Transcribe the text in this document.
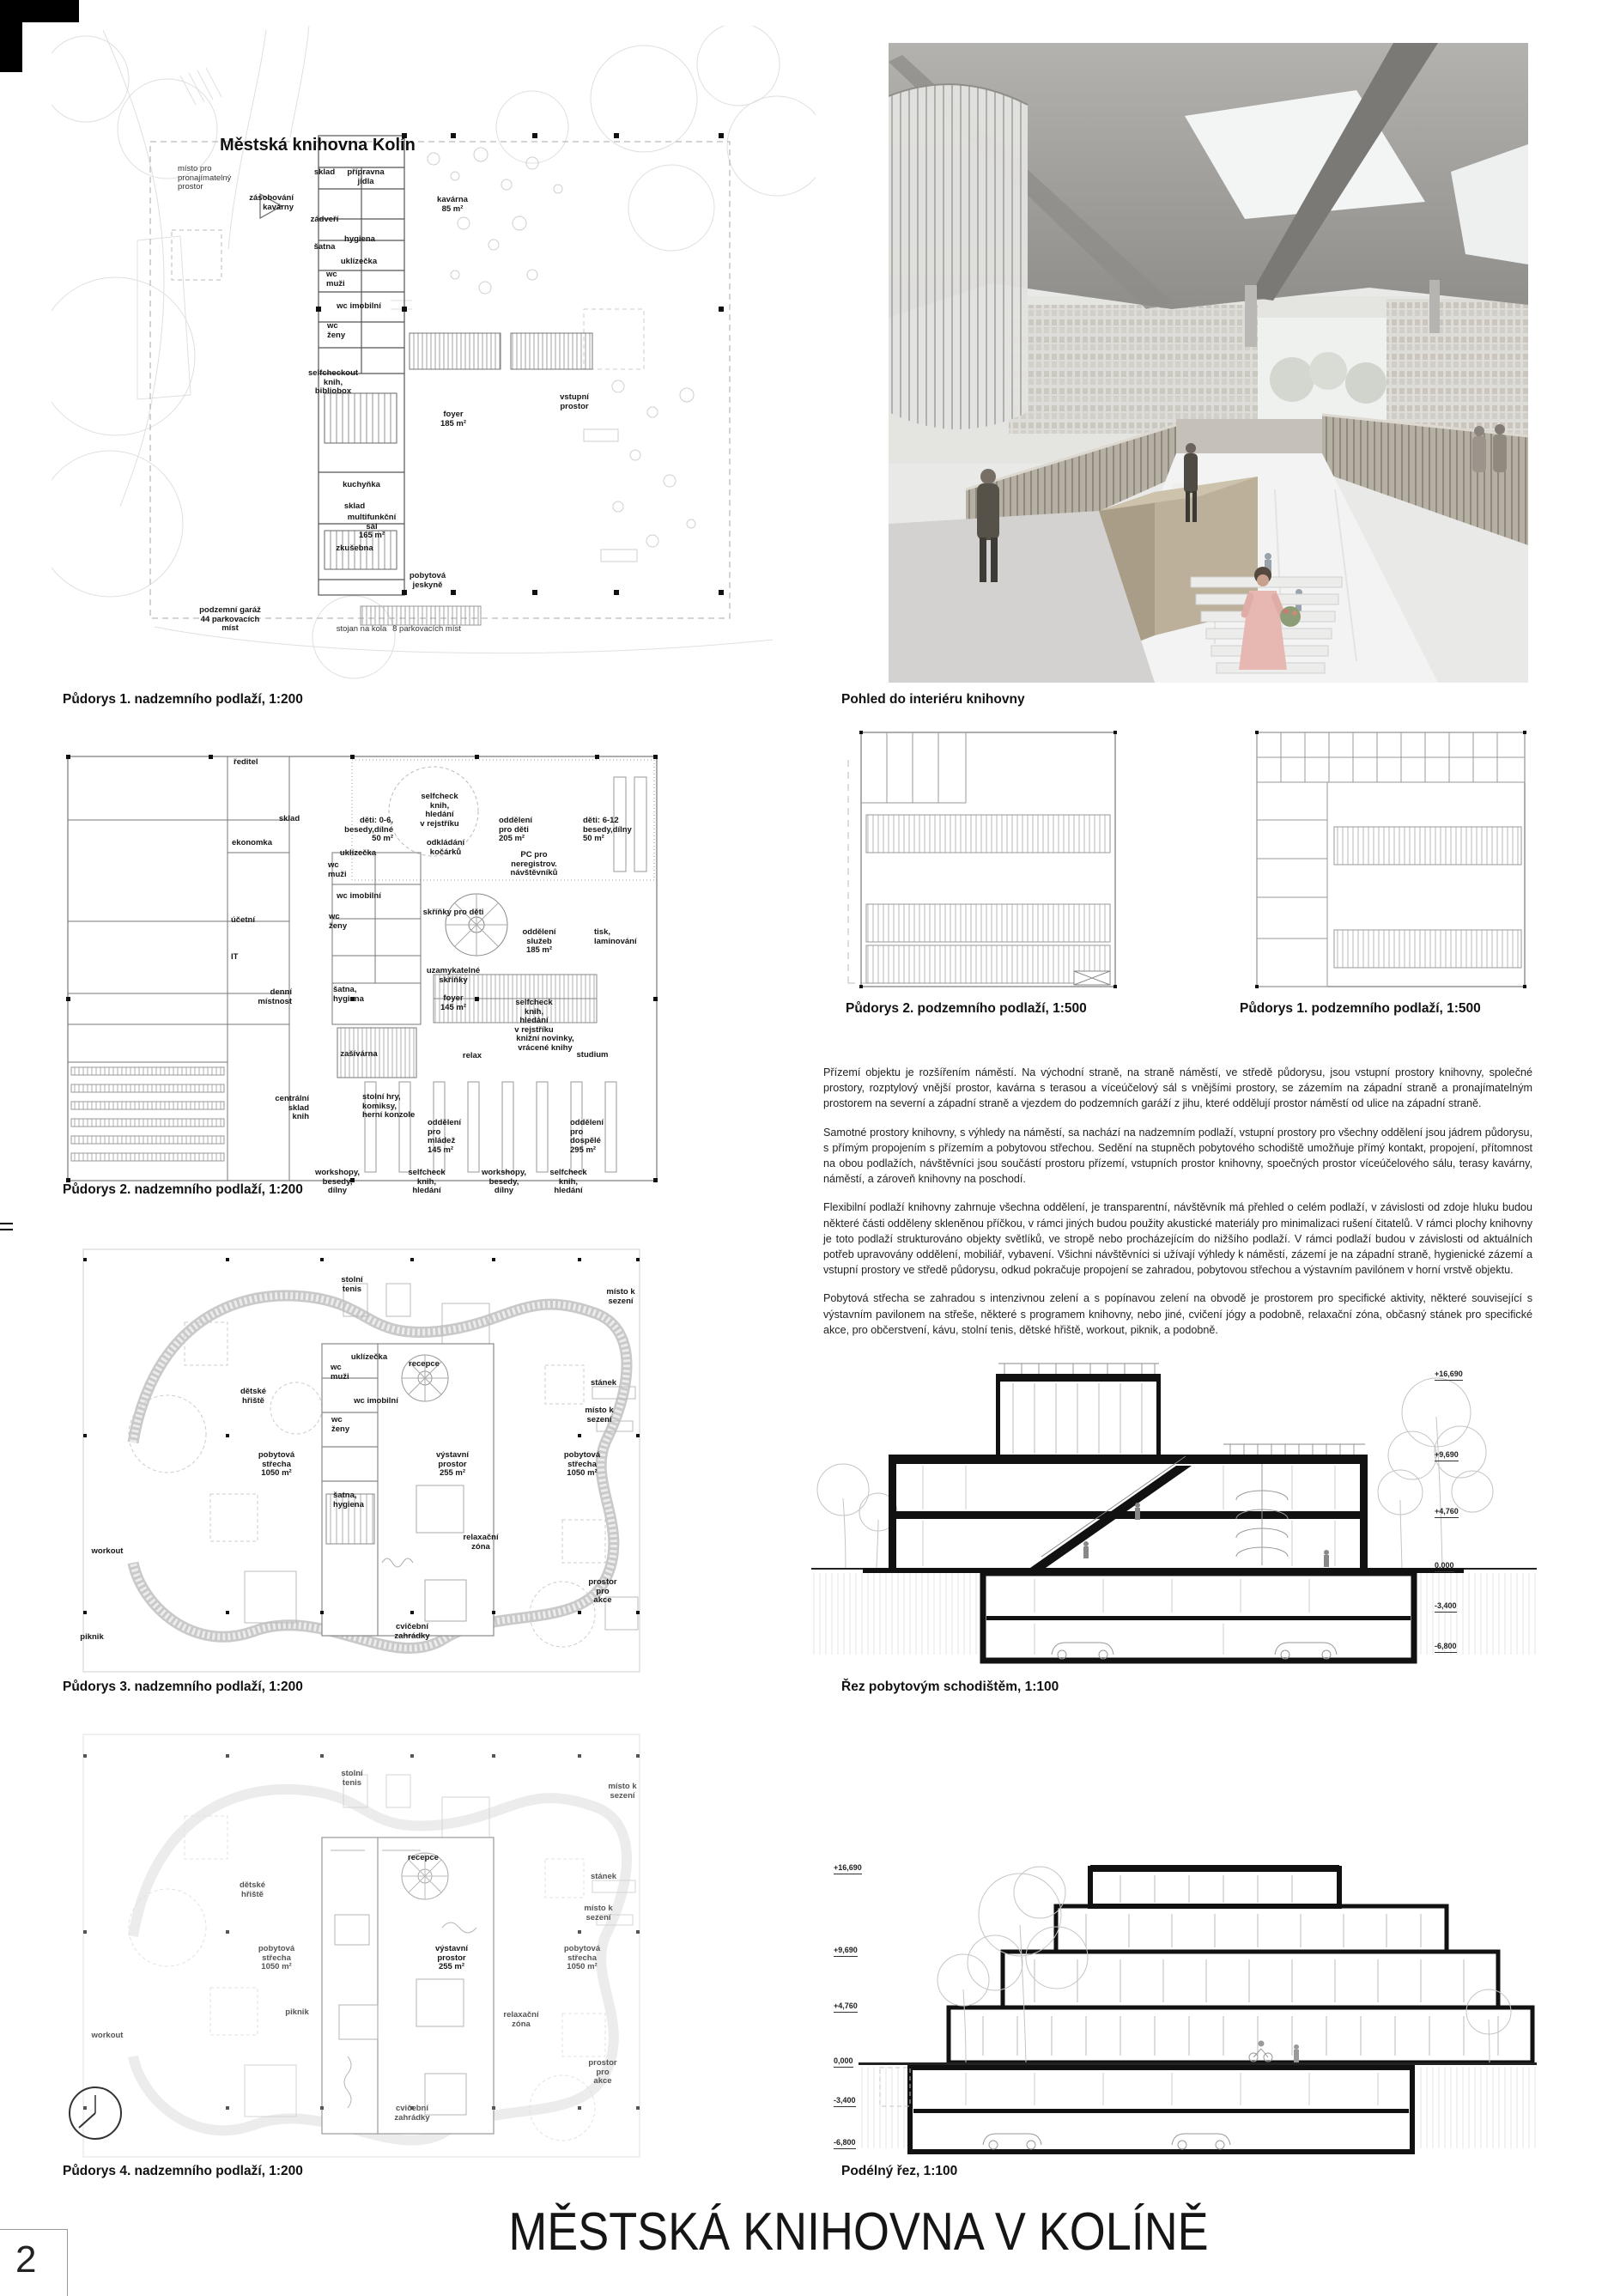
Městská knihovna Kolín
místo pro
pronajímatelný
prostor
sklad přípravna
jídla
zásobování
kavárny
zádveří
hygiena
šatna
uklízečka
wc
muži
wc imobilní
wc
ženy
selfcheckout
knih,
bibliobox
kavárna
85 m²
foyer
185 m²
vstupní
prostor
kuchyňka
sklad
multifunkční
sál
165 m²
zkušebna
pobytová
jeskyně
podzemní garáž
44 parkovacích
míst	stojan na kola 8 parkovacích míst
Půdorys 1. nadzemního podlaží, 1:200	Pohled do interiéru knihovny
ředitel
sklad
ekonomka
účetní
IT
denní
místnost
wc
muži
uklízečka
wc imobilní
wc
ženy
šatna,
hygiena
děti: 0-6,
besedy,dílné
50 m²
selfcheck
knih,
hledání
v rejstříku
odkládání
kočárků
oddělení
pro děti
205 m²
děti: 6-12
besedy,dílny
50 m²
PC pro
neregistrov.
návštěvníků
skříňky pro děti
oddělení
služeb
185 m²
tisk,
laminování
uzamykatelné
skříňky
foyer
145 m²	selfcheck
knih,
hledání
v rejstříku
knižní novinky,
vrácené knihy
zašívárna	relax	studium
stolní hry,
komiksy,
herní konzole
centrální
sklad
knih
oddělení
pro
mládež
145 m²
oddělení
pro
dospělé
295 m²
workshopy,
besedy,
dílny
selfcheck
knih,
hledání
workshopy,
besedy,
dílny
selfcheck
knih,
hledání
Půdorys 2. nadzemního podlaží, 1:200
Půdorys 2. podzemního podlaží, 1:500	Půdorys 1. podzemního podlaží, 1:500

Přízemí objektu je rozšířením náměstí. Na východní straně, na straně náměstí, ve středě půdorysu, jsou vstupní prostory knihovny, společné prostory, rozptylový vnější prostor, kavárna s terasou a víceúčelový sál s vnějšími prostory, se zázemím na západní straně a pronajímatelným prostorem na severní a západní straně a vjezdem do podzemních garáží z jihu, které oddělují prostor náměstí od ulice na západní straně.

Samotné prostory knihovny, s výhledy na náměstí, sa nachází na nadzemním podlaží, vstupní prostory pro všechny oddělení jsou jádrem půdorysu, s přímým propojením s přízemím a pobytovou střechou. Sedění na stupněch pobytového schodiště umožňuje přímý kontakt, propojení, přítomnost na obou podlažích, návštěvníci jsou součástí prostoru přízemí, vstupních prostor knihovny, spoečných prostor víceúčelového sálu, terasy kavárny, náměstí, a zároveň knihovny na poschodí.

Flexibilní podlaží knihovny zahrnuje všechna oddělení, je transparentní, návštěvník má přehled o celém podlaží, v závislosti od zdoje hluku budou některé části odděleny skleněnou příčkou, v rámci jiných budou použity akustické materiály pro minimalizaci rušení čitatelů. V rámci plochy knihovny je toto podlaží strukturováno objekty světlíků, ve stropě nebo procházejícím do nižšího podlaží. V rámci podlaží budou v závislosti od aktuálních potřeb upravovány oddělení, mobiliář, vybavení. Všichni návštěvníci si užívají výhledy k náměstí, zázemí je na západní straně, hygienické zázemí a vstupní prostory ve středě půdorysu, odkud pokračuje propojení se zahradou, pobytovou střechou a výstavním pavilónem v horní vrstvě objektu.

Pobytová střecha se zahradou s intenzivnou zelení a s popínavou zelení na obvodě je prostorem pro specifické aktivity, některé související s výstavním pavilonem na střeše, některé s programem knihovny, nebo jiné, cvičení jógy a podobně, relaxační zóna, občasný stánek pro specifické akce, pro občerstvení, kávu, stolní tenis, dětské hřiště, workout, piknik, a podobně.

stolní
tenis	místo k
sezení
dětské
hřiště
uklízečka
wc
muži
wc imobilní
wc
ženy
recepce
stánek
místo k
sezení
pobytová
střecha
1050 m²
výstavní
prostor
255 m²
pobytová
střecha
1050 m²
šatna,
hygiena
workout
relaxační
zóna
piknik
prostor
pro
akce
cvičební
zahrádky
Půdorys 3. nadzemního podlaží, 1:200
+16,690
+9,690
+4,760
0,000
-3,400
-6,800
Řez pobytovým schodištěm, 1:100
stolní
tenis	místo k
sezení
dětské
hřiště
recepce
stánek
místo k
sezení
pobytová
střecha
1050 m²
výstavní
prostor
255 m²
pobytová
střecha
1050 m²
piknik	relaxační
zóna
workout
prostor
pro
akce
cvičební
zahrádky
Půdorys 4. nadzemního podlaží, 1:200
+16,690
+9,690
+4,760
0,000
-3,400
-6,800
Podélný řez, 1:100
2	MĚSTSKÁ KNIHOVNA V KOLÍNĚ
